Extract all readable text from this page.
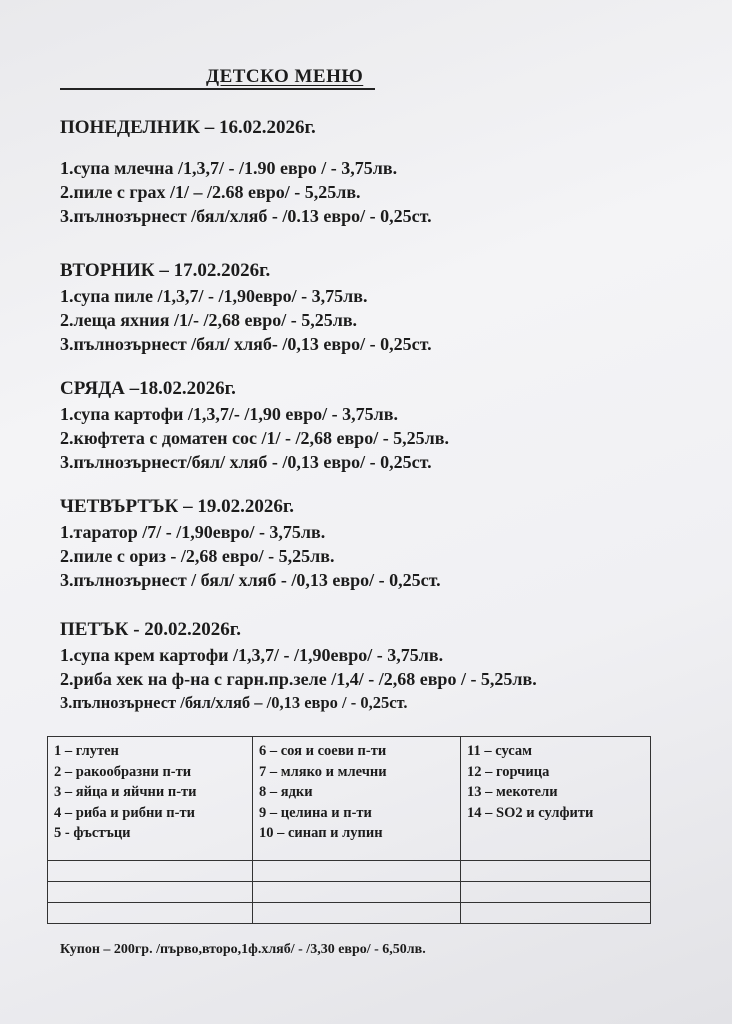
ДЕТСКО МЕНЮ

ПОНЕДЕЛНИК – 16.02.2026г.

1.супа млечна /1,3,7/ - /1.90 евро / - 3,75лв.

2.пиле с грах /1/ – /2.68 евро/ - 5,25лв.

3.пълнозърнест /бял/хляб - /0.13 евро/ - 0,25ст.

ВТОРНИК – 17.02.2026г.

1.супа пиле /1,3,7/ - /1,90евро/ - 3,75лв.

2.леща яхния /1/- /2,68 евро/ - 5,25лв.

3.пълнозърнест /бял/ хляб- /0,13 евро/ - 0,25ст.

СРЯДА –18.02.2026г.

1.супа картофи /1,3,7/- /1,90 евро/ - 3,75лв.

2.кюфтета с доматен сос /1/ - /2,68 евро/ - 5,25лв.

3.пълнозърнест/бял/ хляб - /0,13 евро/ - 0,25ст.

ЧЕТВЪРТЪК – 19.02.2026г.

1.таратор /7/ - /1,90евро/ - 3,75лв.

2.пиле с ориз - /2,68 евро/ - 5,25лв.

3.пълнозърнест / бял/ хляб - /0,13 евро/ - 0,25ст.

ПЕТЪК - 20.02.2026г.

1.супа крем картофи /1,3,7/ - /1,90евро/ - 3,75лв.

2.риба хек на ф-на с гарн.пр.зеле /1,4/ - /2,68 евро / - 5,25лв.

3.пълнозърнест /бял/хляб – /0,13 евро / - 0,25ст.

1 – глутен
2 – ракообразни п-ти
3 – яйца и яйчни п-ти
4 – риба и рибни п-ти
5 - фъстъци
6 – соя и соеви п-ти
7 – мляко и млечни
8 – ядки
9 – целина и п-ти
10 – синап и лупин
11 – сусам
12 – горчица
13 – мекотели
14 – SO2 и сулфити
Купон – 200гр. /първо,второ,1ф.хляб/ - /3,30 евро/ - 6,50лв.
